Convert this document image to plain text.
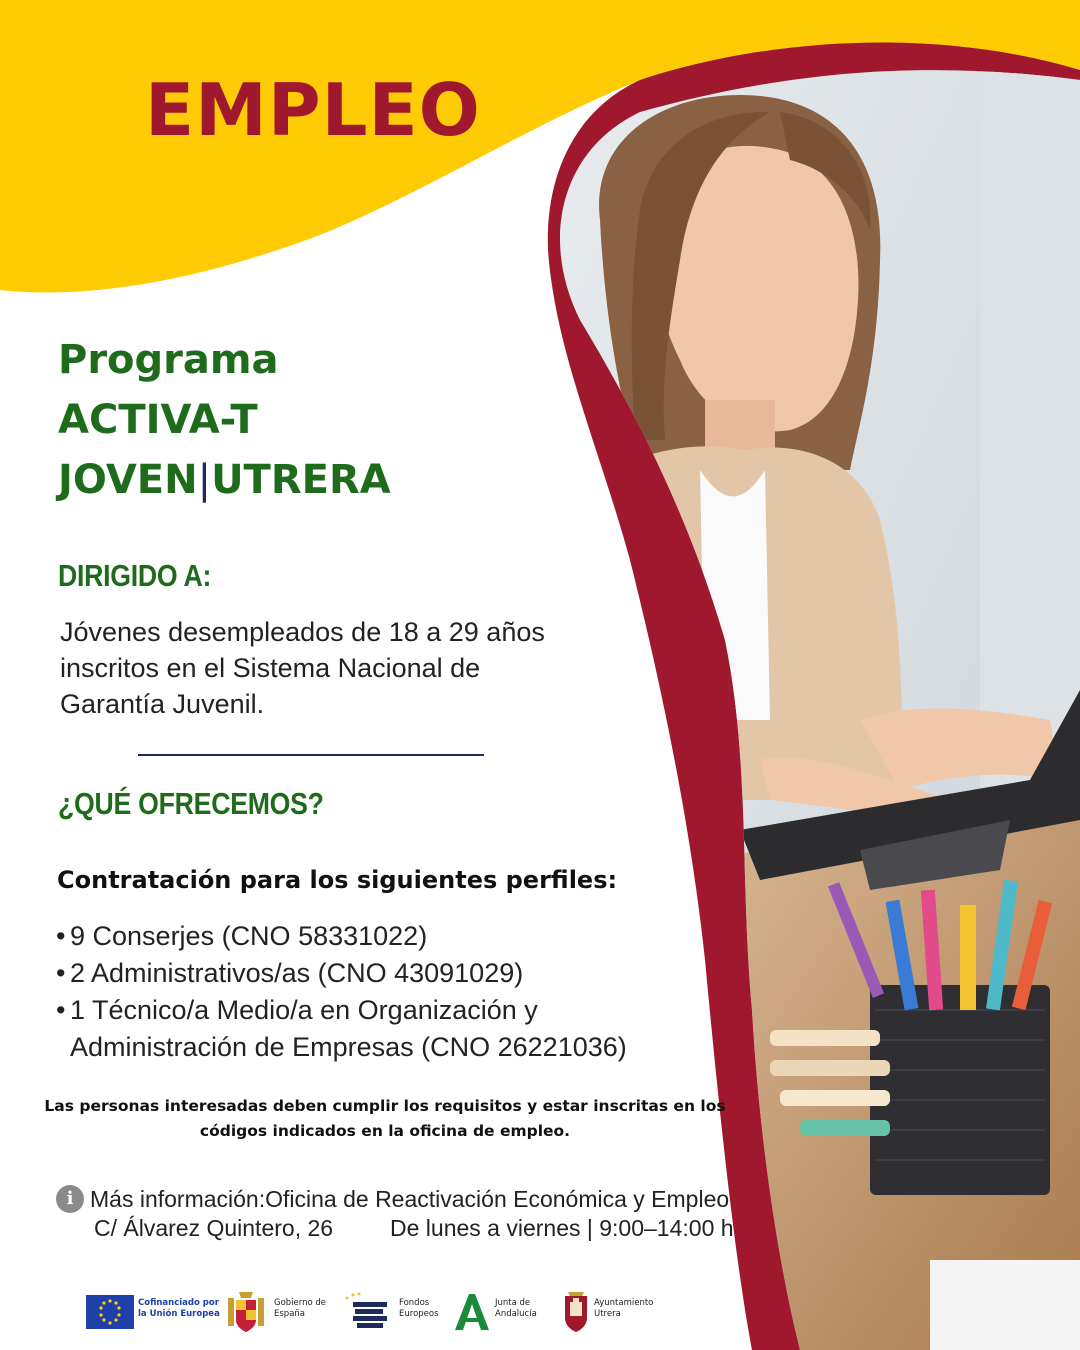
EMPLEO
Programa
ACTIVA-T
JOVEN|UTRERA
DIRIGIDO A:

Jóvenes desempleados de 18 a 29 años inscritos en el Sistema Nacional de Garantía Juvenil.

¿QUÉ OFRECEMOS?

Contratación para los siguientes perfiles:

• 9 Conserjes (CNO 58331022)
• 2 Administrativos/as (CNO 43091029)
• 1 Técnico/a Medio/a en Organización y Administración de Empresas (CNO 26221036)

Las personas interesadas deben cumplir los requisitos y estar inscritas en los códigos indicados en la oficina de empleo.

i Más información:Oficina de Reactivación Económica y Empleo
C/ Álvarez Quintero, 26 De lunes a viernes | 9:00–14:00 h
Cofinanciado por
la Unión Europea
Gobierno de
España
Fondos
Europeos
Junta de
Andalucía
Ayuntamiento
Utrera
